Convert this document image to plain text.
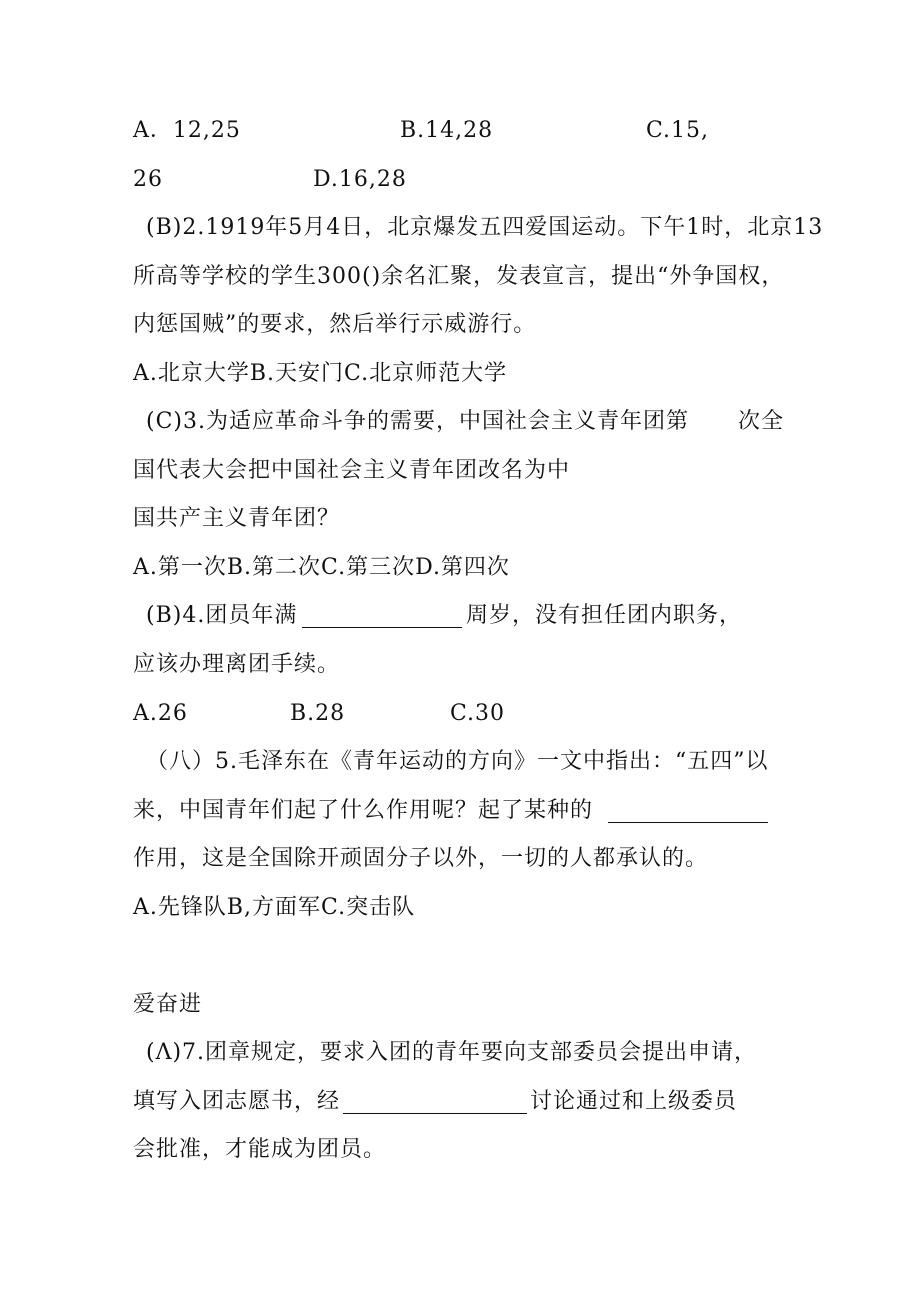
A．12,25	B.14,28	C.15,
26	D.16,28
(B)2.1919年5月4日，北京爆发五四爱国运动。下午1时，北京13
所高等学校的学生300()余名汇聚，发表宣言，提出“外争国权，
内惩国贼”的要求，然后举行示威游行。
A.北京大学B.天安门C.北京师范大学
(C)3.为适应革命斗争的需要，中国社会主义青年团第 次全
国代表大会把中国社会主义青年团改名为中
国共产主义青年团？
A.第一次B.第二次C.第三次D.第四次
(B)4.团员年满	周岁，没有担任团内职务，
应该办理离团手续。
A.26	B.28	C.30
（八）5.毛泽东在《青年运动的方向》一文中指出：“五四”以
来，中国青年们起了什么作用呢？起了某种的
作用，这是全国除开顽固分子以外，一切的人都承认的。
A.先锋队B,方面军C.突击队
爱奋进
(Λ)7.团章规定，要求入团的青年要向支部委员会提出申请，
填写入团志愿书，经	讨论通过和上级委员
会批准，才能成为团员。
